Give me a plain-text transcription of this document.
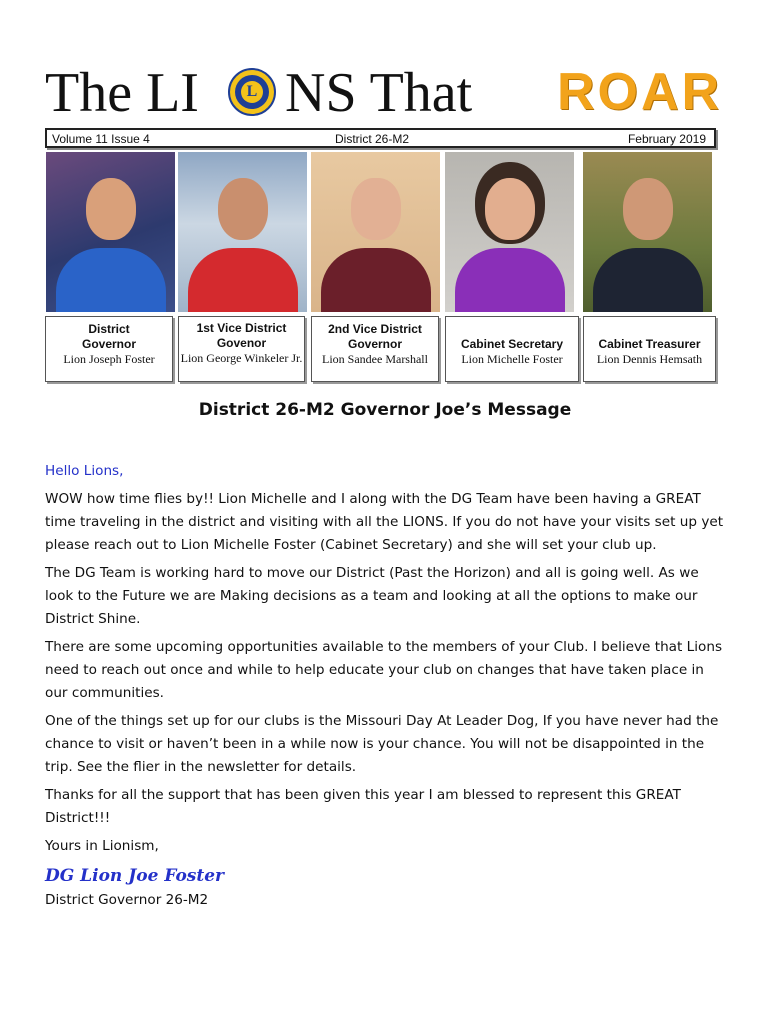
The LI	L NS That ROAR
Volume 11 Issue 4	District 26-M2	February 2019
District
Governor
Lion Joseph Foster
1st Vice District
Govenor
Lion George Winkeler Jr.
2nd Vice District
Governor
Lion Sandee Marshall
Cabinet Secretary
Lion Michelle Foster
Cabinet Treasurer
Lion Dennis Hemsath
District 26-M2 Governor Joe’s Message

Hello Lions,

WOW how time flies by!! Lion Michelle and I along with the DG Team have been having a GREAT time traveling in the district and visiting with all the LIONS. If you do not have your visits set up yet please reach out to Lion Michelle Foster (Cabinet Secretary) and she will set your club up.

The DG Team is working hard to move our District (Past the Horizon) and all is going well. As we look to the Future we are Making decisions as a team and looking at all the options to make our District Shine.

There are some upcoming opportunities available to the members of your Club. I believe that Lions need to reach out once and while to help educate your club on changes that have taken place in our communities.

One of the things set up for our clubs is the Missouri Day At Leader Dog, If you have never had the chance to visit or haven’t been in a while now is your chance. You will not be disappointed in the trip. See the flier in the newsletter for details.

Thanks for all the support that has been given this year I am blessed to represent this GREAT District!!!

Yours in Lionism,

DG Lion Joe Foster
District Governor 26-M2
